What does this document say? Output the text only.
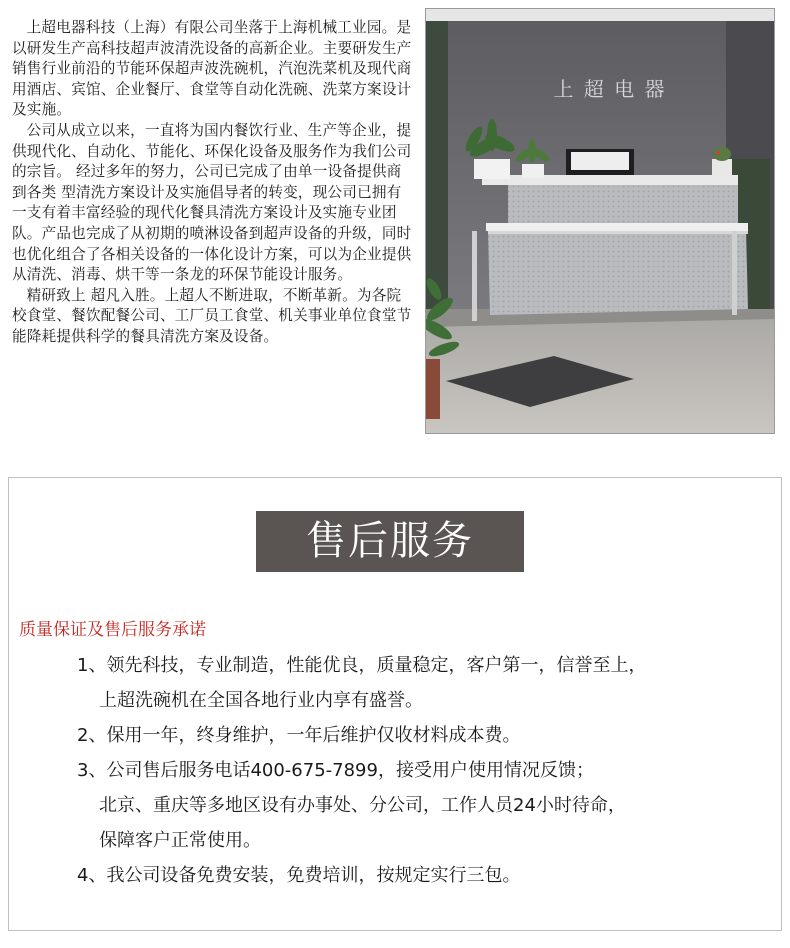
上超电器科技（上海）有限公司坐落于上海机械工业园。是以研发生产高科技超声波清洗设备的高新企业。主要研发生产销售行业前沿的节能环保超声波洗碗机，汽泡洗菜机及现代商用酒店、宾馆、企业餐厅、食堂等自动化洗碗、洗菜方案设计及实施。

公司从成立以来，一直将为国内餐饮行业、生产等企业，提供现代化、自动化、节能化、环保化设备及服务作为我们公司的宗旨。 经过多年的努力，公司已完成了由单一设备提供商到各类 型清洗方案设计及实施倡导者的转变，现公司已拥有一支有着丰富经验的现代化餐具清洗方案设计及实施专业团队。产品也完成了从初期的喷淋设备到超声设备的升级，同时也优化组合了各相关设备的一体化设计方案，可以为企业提供从清洗、消毒、烘干等一条龙的环保节能设计服务。

精研致上 超凡入胜。上超人不断进取，不断革新。为各院校食堂、餐饮配餐公司、工厂员工食堂、机关事业单位食堂节能降耗提供科学的餐具清洗方案及设备。

上 超 电 器
售后服务
质量保证及售后服务承诺
1、领先科技，专业制造，性能优良，质量稳定，客户第一，信誉至上，
上超洗碗机在全国各地行业内享有盛誉。
2、保用一年，终身维护，一年后维护仅收材料成本费。
3、公司售后服务电话400-675-7899，接受用户使用情况反馈；
北京、重庆等多地区设有办事处、分公司，工作人员24小时待命，
保障客户正常使用。
4、我公司设备免费安装，免费培训，按规定实行三包。
